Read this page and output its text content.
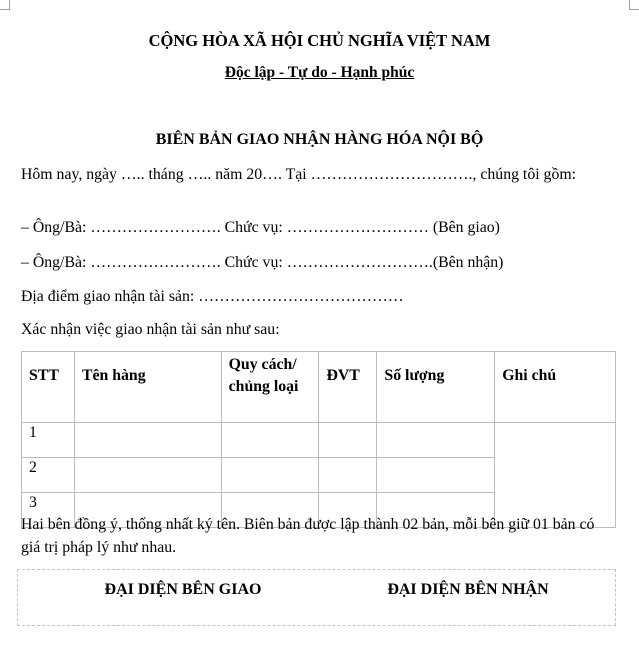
CỘNG HÒA XÃ HỘI CHỦ NGHĨA VIỆT NAM
Độc lập - Tự do - Hạnh phúc
BIÊN BẢN GIAO NHẬN HÀNG HÓA NỘI BỘ
Hôm nay, ngày ….. tháng ….. năm 20…. Tại …………………………., chúng tôi gồm:
– Ông/Bà: ……………………. Chức vụ: ……………………… (Bên giao)
– Ông/Bà: ……………………. Chức vụ: ……………………….(Bên nhận)
Địa điểm giao nhận tài sản: …………………………………
Xác nhận việc giao nhận tài sản như sau:
STT	Tên hàng	Quy cách/ chủng loại	ĐVT	Số lượng	Ghi chú
1					
2					
3					
Hai bên đồng ý, thống nhất ký tên. Biên bản được lập thành 02 bản, mỗi bên giữ 01 bản có giá trị pháp lý như nhau.
ĐẠI DIỆN BÊN GIAO	ĐẠI DIỆN BÊN NHẬN
